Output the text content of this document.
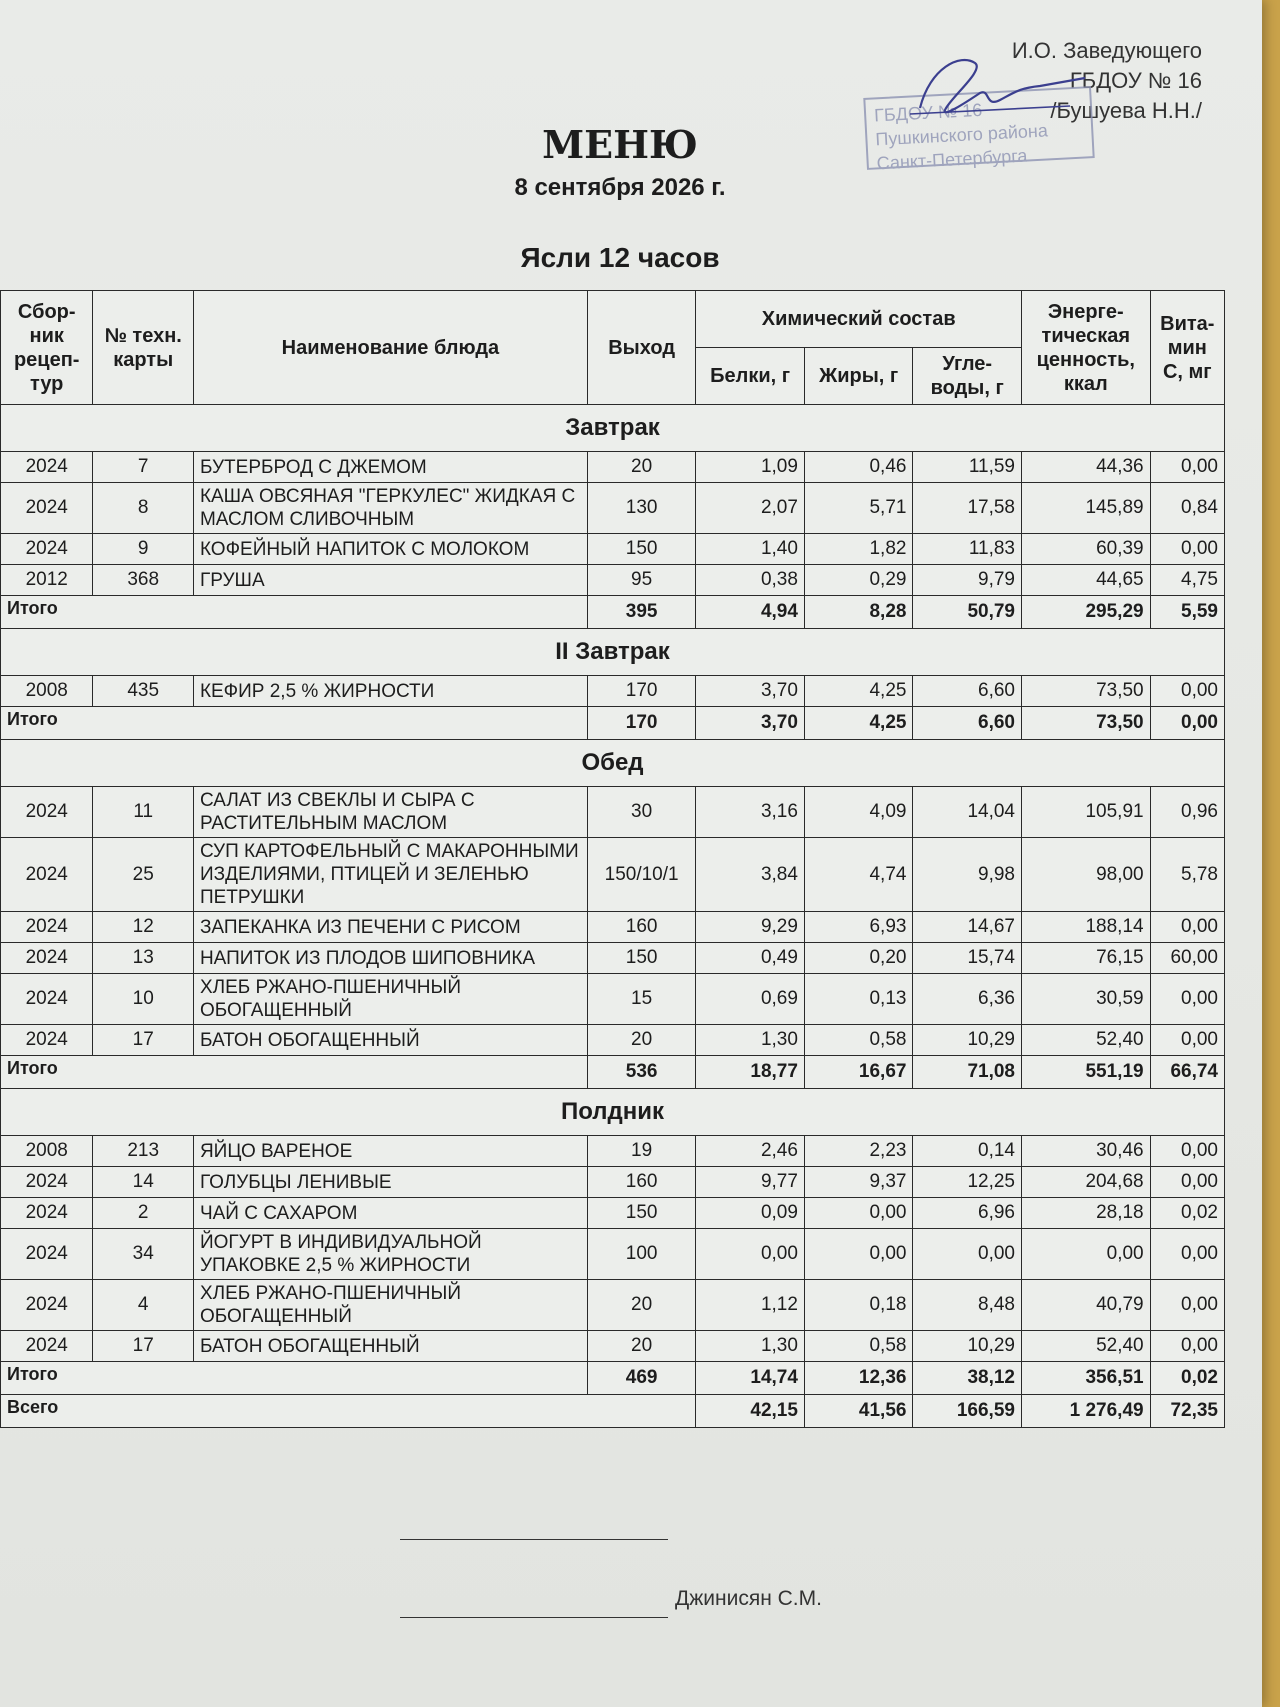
И.О. Заведующего
ГБДОУ № 16
/Бушуева Н.Н./
ГБДОУ № 16
Пушкинского района
Санкт-Петербурга
МЕНЮ
8 сентября 2026 г.
Ясли 12 часов
Сбор-ник рецеп-тур	№ техн. карты	Наименование блюда	Выход	Химический состав			Энерге-тическая ценность, ккал	Вита-мин С, мг
				Белки, г	Жиры, г	Угле-воды, г		
Завтрак								
2024	7	БУТЕРБРОД С ДЖЕМОМ	20	1,09	0,46	11,59	44,36	0,00
2024	8	КАША ОВСЯНАЯ "ГЕРКУЛЕС" ЖИДКАЯ С МАСЛОМ СЛИВОЧНЫМ	130	2,07	5,71	17,58	145,89	0,84
2024	9	КОФЕЙНЫЙ НАПИТОК С МОЛОКОМ	150	1,40	1,82	11,83	60,39	0,00
2012	368	ГРУША	95	0,38	0,29	9,79	44,65	4,75
Итого			395	4,94	8,28	50,79	295,29	5,59
II Завтрак								
2008	435	КЕФИР 2,5 % ЖИРНОСТИ	170	3,70	4,25	6,60	73,50	0,00
Итого			170	3,70	4,25	6,60	73,50	0,00
Обед								
2024	11	САЛАТ ИЗ СВЕКЛЫ И СЫРА С РАСТИТЕЛЬНЫМ МАСЛОМ	30	3,16	4,09	14,04	105,91	0,96
2024	25	СУП КАРТОФЕЛЬНЫЙ С МАКАРОННЫМИ ИЗДЕЛИЯМИ, ПТИЦЕЙ И ЗЕЛЕНЬЮ ПЕТРУШКИ	150/10/1	3,84	4,74	9,98	98,00	5,78
2024	12	ЗАПЕКАНКА ИЗ ПЕЧЕНИ С РИСОМ	160	9,29	6,93	14,67	188,14	0,00
2024	13	НАПИТОК ИЗ ПЛОДОВ ШИПОВНИКА	150	0,49	0,20	15,74	76,15	60,00
2024	10	ХЛЕБ РЖАНО-ПШЕНИЧНЫЙ ОБОГАЩЕННЫЙ	15	0,69	0,13	6,36	30,59	0,00
2024	17	БАТОН ОБОГАЩЕННЫЙ	20	1,30	0,58	10,29	52,40	0,00
Итого			536	18,77	16,67	71,08	551,19	66,74
Полдник								
2008	213	ЯЙЦО ВАРЕНОЕ	19	2,46	2,23	0,14	30,46	0,00
2024	14	ГОЛУБЦЫ ЛЕНИВЫЕ	160	9,77	9,37	12,25	204,68	0,00
2024	2	ЧАЙ С САХАРОМ	150	0,09	0,00	6,96	28,18	0,02
2024	34	ЙОГУРТ В ИНДИВИДУАЛЬНОЙ УПАКОВКЕ 2,5 % ЖИРНОСТИ	100	0,00	0,00	0,00	0,00	0,00
2024	4	ХЛЕБ РЖАНО-ПШЕНИЧНЫЙ ОБОГАЩЕННЫЙ	20	1,12	0,18	8,48	40,79	0,00
2024	17	БАТОН ОБОГАЩЕННЫЙ	20	1,30	0,58	10,29	52,40	0,00
Итого			469	14,74	12,36	38,12	356,51	0,02
Всего				42,15	41,56	166,59	1 276,49	72,35
Джинисян С.М.
